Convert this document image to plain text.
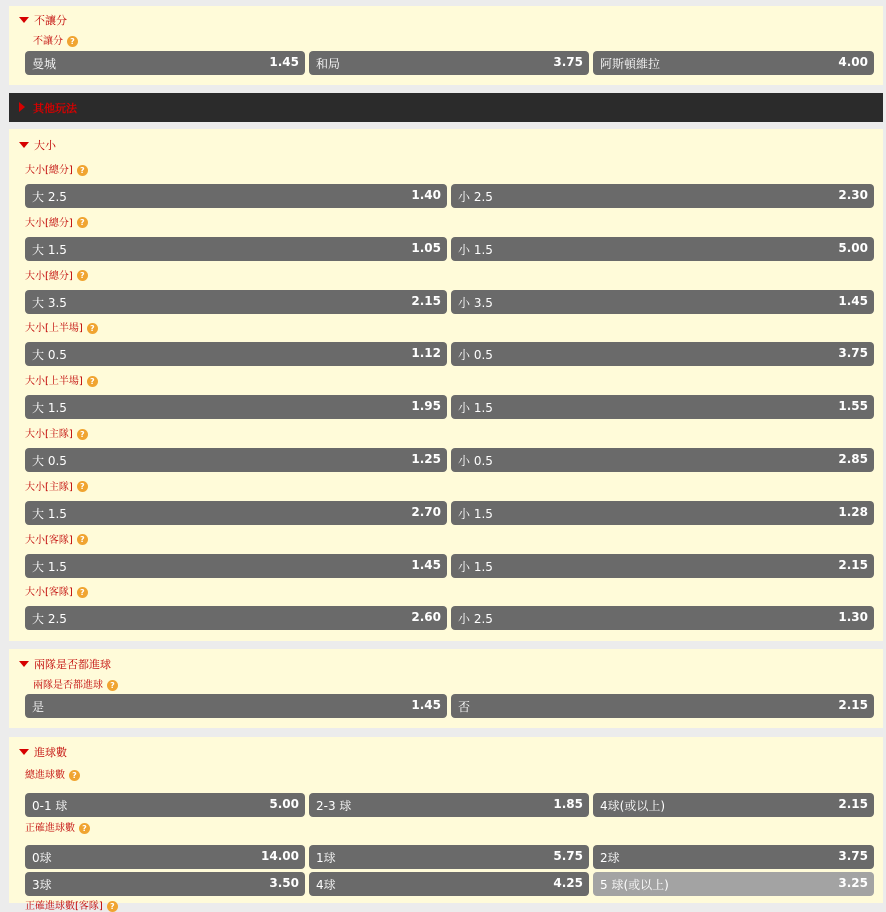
不讓分
不讓分 ?
曼城	1.45 和局	3.75 阿斯頓維拉	4.00
其他玩法
大小
大小[總分] ?
大 2.5	1.40 小 2.5	2.30
大小[總分] ?
大 1.5	1.05 小 1.5	5.00
大小[總分] ?
大 3.5	2.15 小 3.5	1.45
大小[上半場] ?
大 0.5	1.12 小 0.5	3.75
大小[上半場] ?
大 1.5	1.95 小 1.5	1.55
大小[主隊] ?
大 0.5	1.25 小 0.5	2.85
大小[主隊] ?
大 1.5	2.70 小 1.5	1.28
大小[客隊] ?
大 1.5	1.45 小 1.5	2.15
大小[客隊] ?
大 2.5	2.60 小 2.5	1.30
兩隊是否都進球
兩隊是否都進球 ?
是	1.45 否	2.15
進球數
總進球數 ?
0-1 球	5.00 2-3 球	1.85 4球(或以上)	2.15
正確進球數 ?
0球	14.00 1球	5.75 2球	3.75
3球	3.50 4球	4.25 5 球(或以上)	3.25
正確進球數[客隊] ?
